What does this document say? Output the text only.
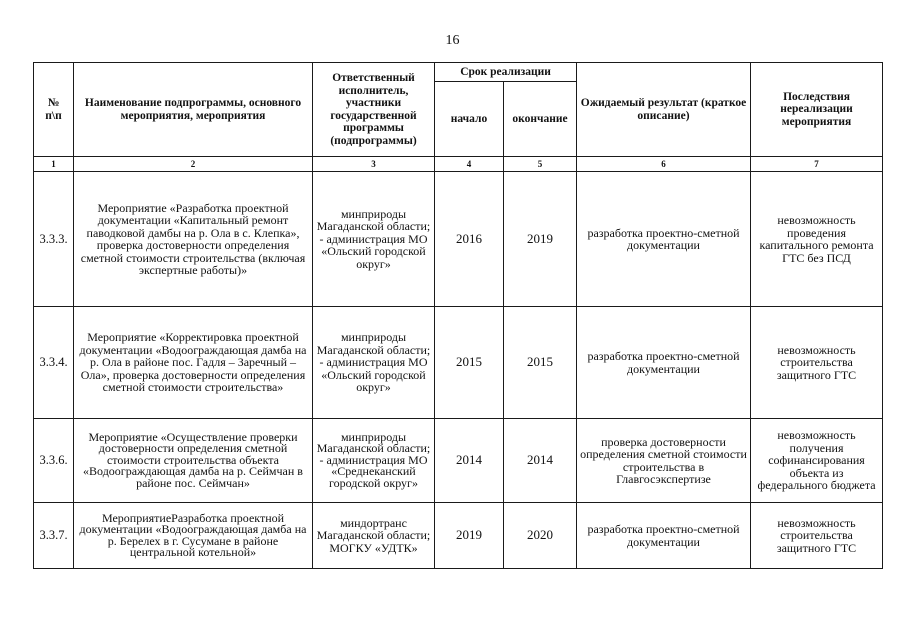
16
№
п\п	Наименование подпрограммы, основного мероприятия, мероприятия	Ответственный исполнитель, участники государственной программы (подпрограммы)	Срок реализации		Ожидаемый результат (краткое описание)	Последствия нереализации мероприятия
			начало	окончание		
1	2	3	4	5	6	7
3.3.3.	Мероприятие «Разработка проектной документации «Капитальный ремонт паводковой дамбы на р. Ола в с. Клепка», проверка достоверности определения сметной стоимости строительства (включая экспертные работы)»	минприроды Магаданской области; - администрация МО «Ольский городской округ»	2016	2019	разработка проектно-сметной документации	невозможность проведения капитального ремонта ГТС без ПСД
3.3.4.	Мероприятие «Корректировка проектной документации «Водоограждающая дамба на р. Ола в районе пос. Гадля – Заречный – Ола», проверка достоверности определения сметной стоимости строительства»	минприроды Магаданской области; - администрация МО «Ольский городской округ»	2015	2015	разработка проектно-сметной документации	невозможность строительства защитного ГТС
3.3.6.	Мероприятие «Осуществление проверки достоверности определения сметной стоимости строительства объекта «Водоограждающая дамба на р. Сеймчан в районе пос. Сеймчан»	минприроды Магаданской области; - администрация МО «Среднеканский городской округ»	2014	2014	проверка достоверности определения сметной стоимости строительства в Главгосэкспертизе	невозможность получения софинансирования объекта из федерального бюджета
3.3.7.	МероприятиеРазработка проектной документации «Водоограждающая дамба на р. Берелех в г. Сусумане в районе центральной котельной»	миндортранс Магаданской области; МОГКУ «УДТК»	2019	2020	разработка проектно-сметной документации	невозможность строительства защитного ГТС
